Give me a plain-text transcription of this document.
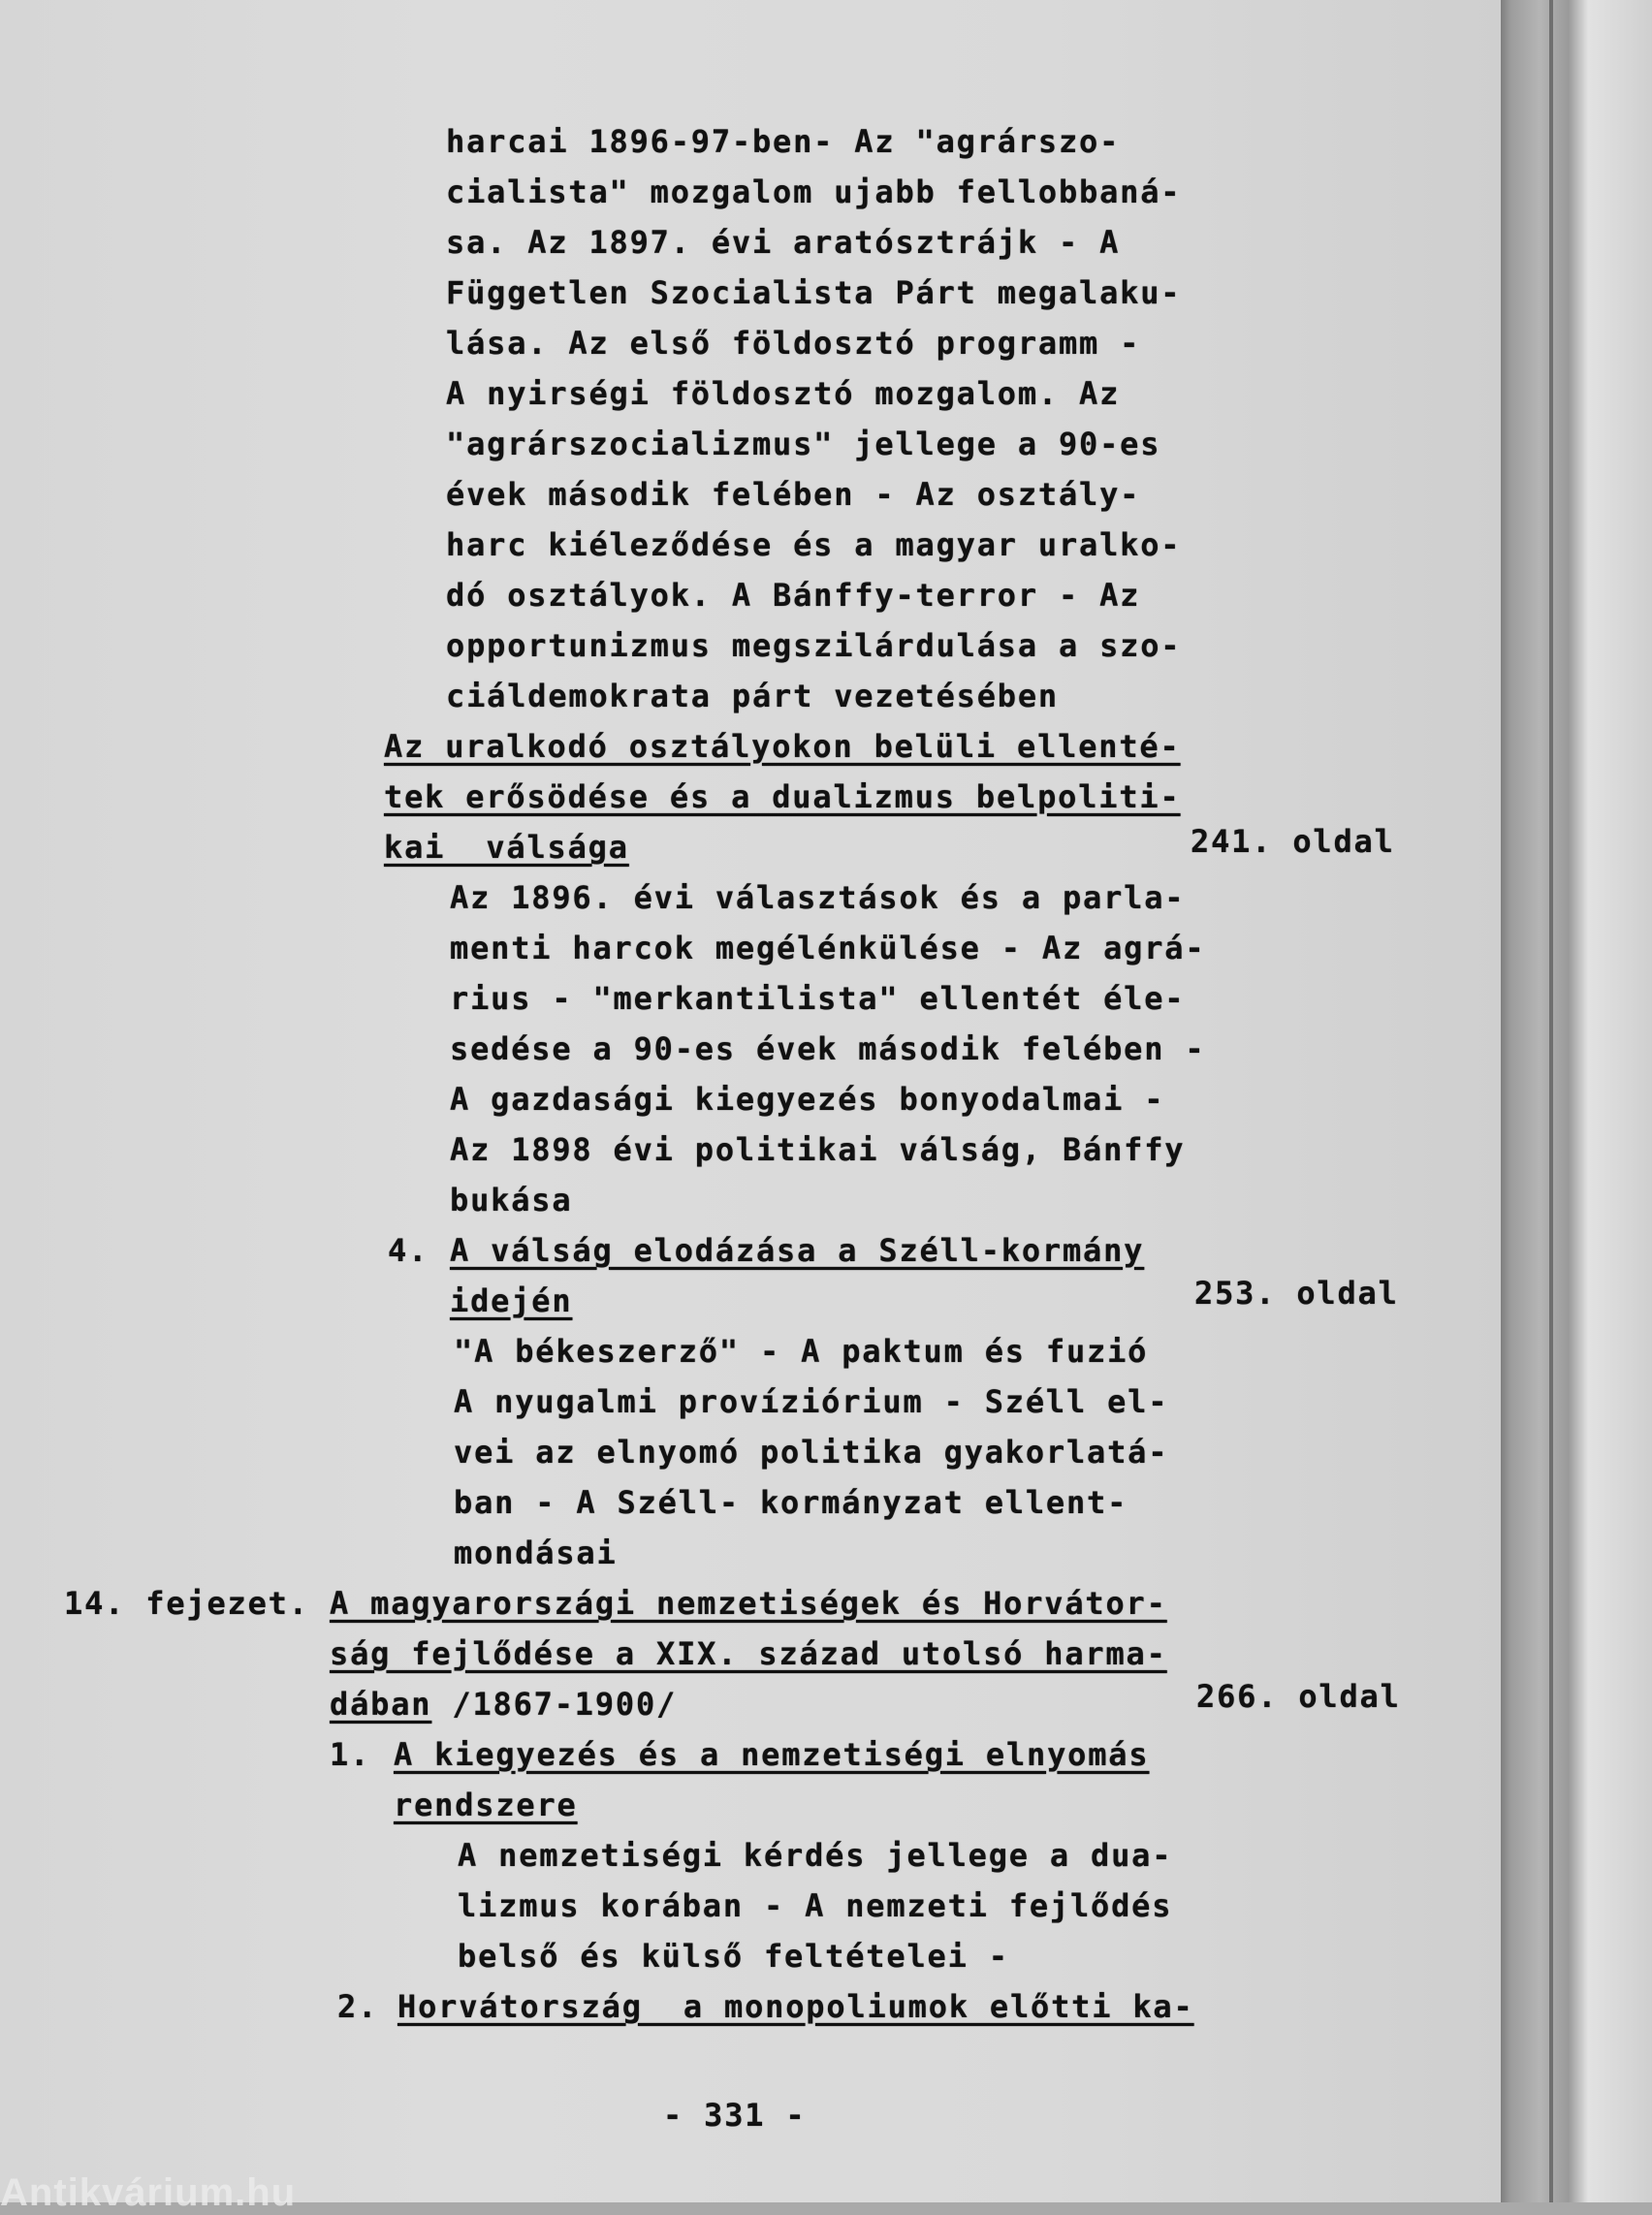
harcai 1896-97-ben- Az "agrárszo-
cialista" mozgalom ujabb fellobbaná-
sa. Az 1897. évi aratósztrájk - A
Független Szocialista Párt megalaku-
lása. Az első földosztó programm -
A nyirségi földosztó mozgalom. Az
"agrárszocializmus" jellege a 90-es
évek második felében - Az osztály-
harc kiéleződése és a magyar uralko-
dó osztályok. A Bánffy-terror - Az
opportunizmus megszilárdulása a szo-
ciáldemokrata párt vezetésében
Az uralkodó osztályokon belüli ellenté-
tek erősödése és a dualizmus belpoliti-
kai  válsága	241. oldal
Az 1896. évi választások és a parla-
menti harcok megélénkülése - Az agrá-
rius - "merkantilista" ellentét éle-
sedése a 90-es évek második felében -
A gazdasági kiegyezés bonyodalmai -
Az 1898 évi politikai válság, Bánffy
bukása
4. A válság elodázása a Széll-kormány
idején	253. oldal
"A békeszerző" - A paktum és fuzió
A nyugalmi províziórium - Széll el-
vei az elnyomó politika gyakorlatá-
ban - A Széll- kormányzat ellent-
mondásai
14. fejezet. A magyarországi nemzetiségek és Horvátor-
ság fejlődése a XIX. század utolsó harma-
dában /1867-1900/	266. oldal
1. A kiegyezés és a nemzetiségi elnyomás
rendszere
A nemzetiségi kérdés jellege a dua-
lizmus korában - A nemzeti fejlődés
belső és külső feltételei -
2. Horvátország  a monopoliumok előtti ka-
- 331 -
Antikvárium.hu
